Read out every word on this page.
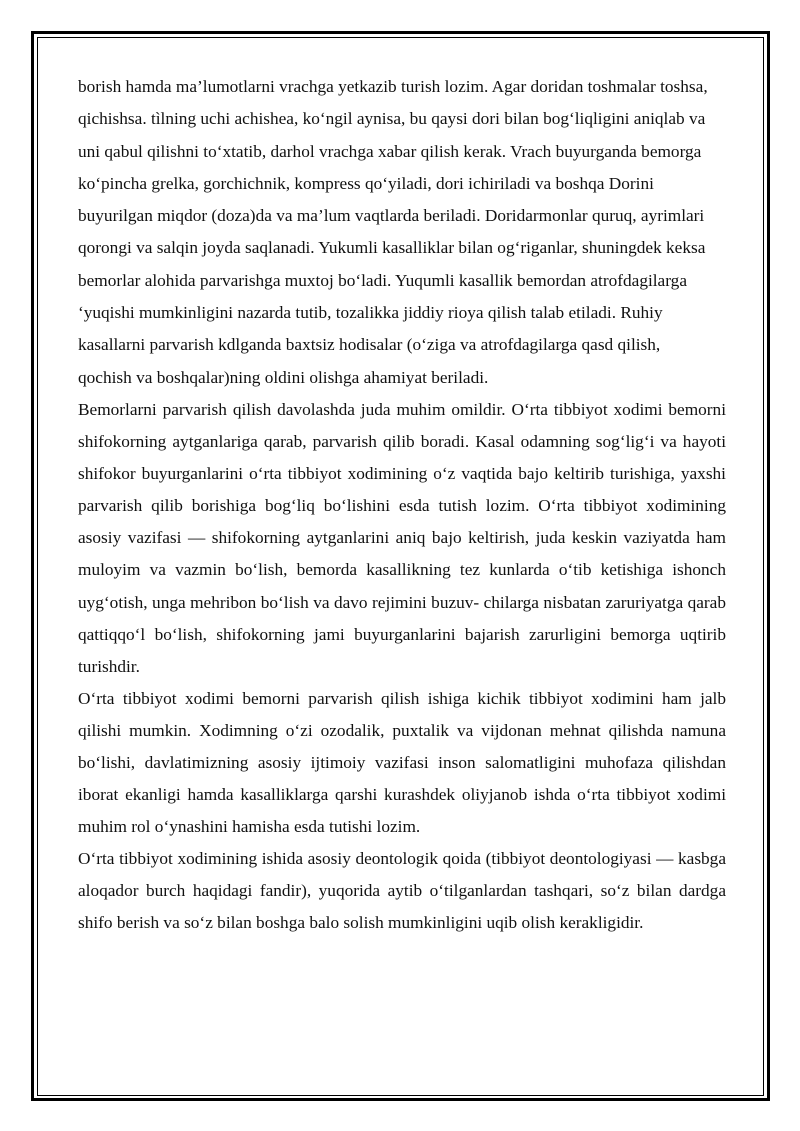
borish hamda ma’lumotlarni vrachga yetkazib turish lozim. Agar doridan toshmalar toshsa, qichishsa. tìlning uchi achishea, ko‘ngil aynisa, bu qaysi dori bilan bog‘liqligini aniqlab va uni qabul qilishni to‘xtatib, darhol vrachga xabar qilish kerak. Vrach buyurganda bemorga ko‘pincha grelka, gorchichnik, kompress qo‘yiladi, dori ichiriladi va boshqa Dorini buyurilgan miqdor (doza)da va ma’lum vaqtlarda beriladi. Doridarmonlar quruq, ayrimlari qorongi va salqin joyda saqlanadi. Yukumli kasalliklar bilan og‘riganlar, shuningdek keksa bemorlar alohida parvarishga muxtoj bo‘ladi. Yuqumli kasallik bemordan atrofdagilarga ‘yuqishi mumkinligini nazarda tutib, tozalikka jiddiy rioya qilish talab etiladi. Ruhiy kasallarni parvarish kdlganda baxtsiz hodisalar (o‘ziga va atrofdagilarga qasd qilish, qochish va boshqalar)ning oldini olishga ahamiyat beriladi.

Bemorlarni parvarish qilish davolashda juda muhim omildir. O‘rta tibbiyot xodimi bemorni shifokorning aytganlariga qarab, parvarish qilib boradi. Kasal odamning sog‘lig‘i va hayoti shifokor buyurganlarini o‘rta tibbiyot xodimining o‘z vaqtida bajo keltirib turishiga, yaxshi parvarish qilib borishiga bog‘liq bo‘lishini esda tutish lozim. O‘rta tibbiyot xodimining asosiy vazifasi — shifokorning aytganlarini aniq bajo keltirish, juda keskin vaziyatda ham muloyim va vazmin bo‘lish, bemorda kasallikning tez kunlarda o‘tib ketishiga ishonch uyg‘otish, unga mehribon bo‘lish va davo rejimini buzuv- chilarga nisbatan zaruriyatga qarab qattiqqo‘l bo‘lish, shifokorning jami buyurganlarini bajarish zarurligini bemorga uqtirib turishdir.

O‘rta tibbiyot xodimi bemorni parvarish qilish ishiga kichik tibbiyot xodimini ham jalb qilishi mumkin. Xodimning o‘zi ozodalik, puxtalik va vijdonan mehnat qilishda namuna bo‘lishi, davlatimizning asosiy ijtimoiy vazifasi inson salomatligini muhofaza qilishdan iborat ekanligi hamda kasalliklarga qarshi kurashdek oliyjanob ishda o‘rta tibbiyot xodimi muhim rol o‘ynashini hamisha esda tutishi lozim.

O‘rta tibbiyot xodimining ishida asosiy deontologik qoida (tibbiyot deontologiyasi — kasbga aloqador burch haqidagi fandir), yuqorida aytib o‘tilganlardan tashqari, so‘z bilan dardga shifo berish va so‘z bilan boshga balo solish mumkinligini uqib olish kerakligidir.
